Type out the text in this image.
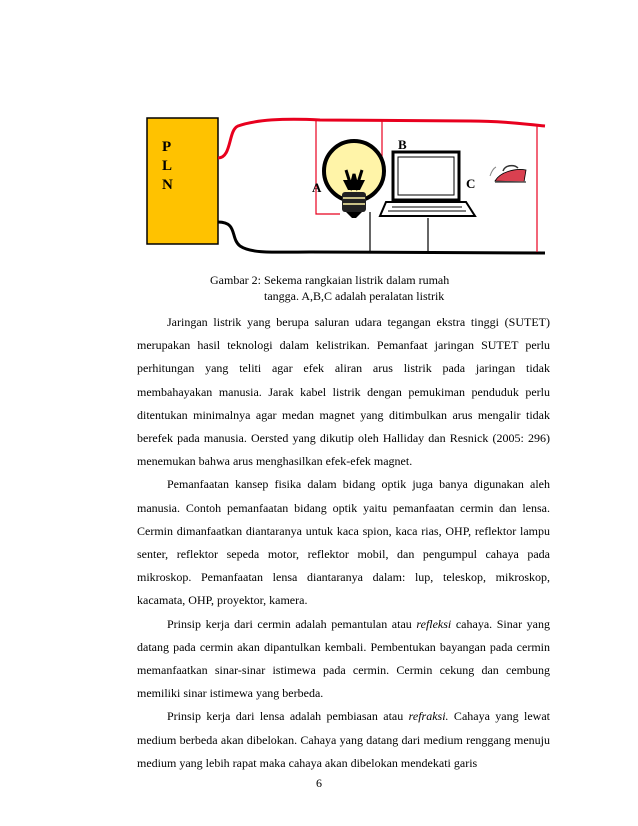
P
L
N	A
B
C
Gambar 2: Sekema rangkaian listrik dalam rumah
tangga. A,B,C adalah peralatan listrik

Jaringan listrik yang berupa saluran udara tegangan ekstra tinggi (SUTET) merupakan hasil teknologi dalam kelistrikan. Pemanfaat jaringan SUTET perlu perhitungan yang teliti agar efek aliran arus listrik pada jaringan tidak membahayakan manusia. Jarak kabel listrik dengan pemukiman penduduk perlu ditentukan minimalnya agar medan magnet yang ditimbulkan arus mengalir tidak berefek pada manusia. Oersted yang dikutip oleh Halliday dan Resnick (2005: 296) menemukan bahwa arus menghasilkan efek-efek magnet.

Pemanfaatan kansep fisika dalam bidang optik juga banya digunakan aleh manusia. Contoh pemanfaatan bidang optik yaitu pemanfaatan cermin dan lensa. Cermin dimanfaatkan diantaranya untuk kaca spion, kaca rias, OHP, reflektor lampu senter, reflektor sepeda motor, reflektor mobil, dan pengumpul cahaya pada mikroskop. Pemanfaatan lensa diantaranya dalam: lup, teleskop, mikroskop, kacamata, OHP, proyektor, kamera.

Prinsip kerja dari cermin adalah pemantulan atau refleksi cahaya. Sinar yang datang pada cermin akan dipantulkan kembali. Pembentukan bayangan pada cermin memanfaatkan sinar-sinar istimewa pada cermin. Cermin cekung dan cembung memiliki sinar istimewa yang berbeda.

Prinsip kerja dari lensa adalah pembiasan atau refraksi. Cahaya yang lewat medium berbeda akan dibelokan. Cahaya yang datang dari medium renggang menuju medium yang lebih rapat maka cahaya akan dibelokan mendekati garis

6
